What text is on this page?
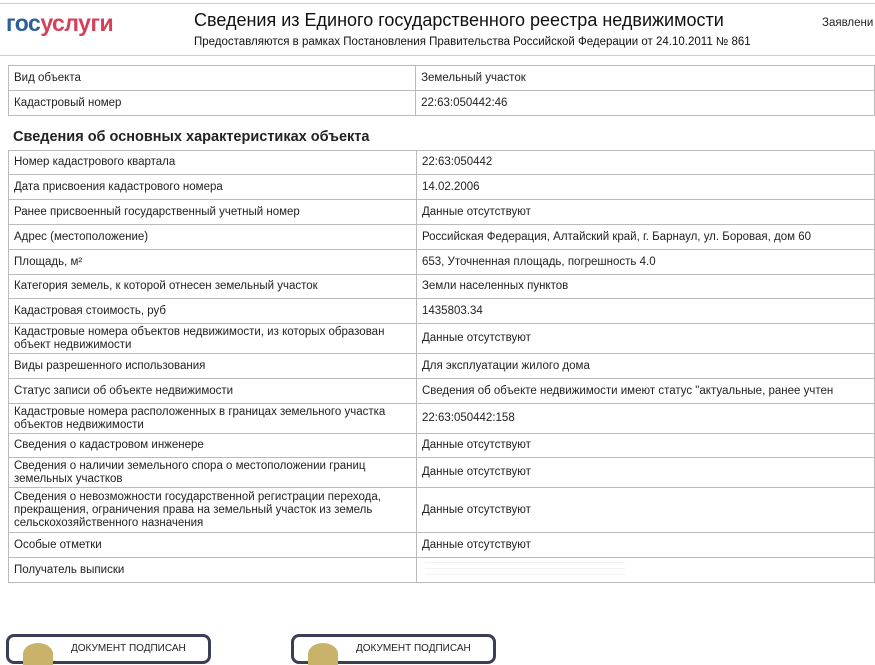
госуслуги	Сведения из Единого государственного реестра недвижимости
Предоставляются в рамках Постановления Правительства Российской Федерации от 24.10.2011 № 861
Заявлени
Вид объекта	Земельный участок
Кадастровый номер	22:63:050442:46
Сведения об основных характеристиках объекта
Номер кадастрового квартала	22:63:050442
Дата присвоения кадастрового номера	14.02.2006
Ранее присвоенный государственный учетный номер	Данные отсутствуют
Адрес (местоположение)	Российская Федерация, Алтайский край, г. Барнаул, ул. Боровая, дом 60
Площадь, м²	653, Уточненная площадь, погрешность 4.0
Категория земель, к которой отнесен земельный участок	Земли населенных пунктов
Кадастровая стоимость, руб	1435803.34
Кадастровые номера объектов недвижимости, из которых образован объект недвижимости	Данные отсутствуют
Виды разрешенного использования	Для эксплуатации жилого дома
Статус записи об объекте недвижимости	Сведения об объекте недвижимости имеют статус "актуальные, ранее учтен
Кадастровые номера расположенных в границах земельного участка объектов недвижимости	22:63:050442:158
Сведения о кадастровом инженере	Данные отсутствуют
Сведения о наличии земельного спора о местоположении границ земельных участков	Данные отсутствуют
Сведения о невозможности государственной регистрации перехода, прекращения, ограничения права на земельный участок из земель сельскохозяйственного назначения	Данные отсутствуют
Особые отметки	Данные отсутствуют
Получатель выписки	
ДОКУМЕНТ ПОДПИСАН	ДОКУМЕНТ ПОДПИСАН
